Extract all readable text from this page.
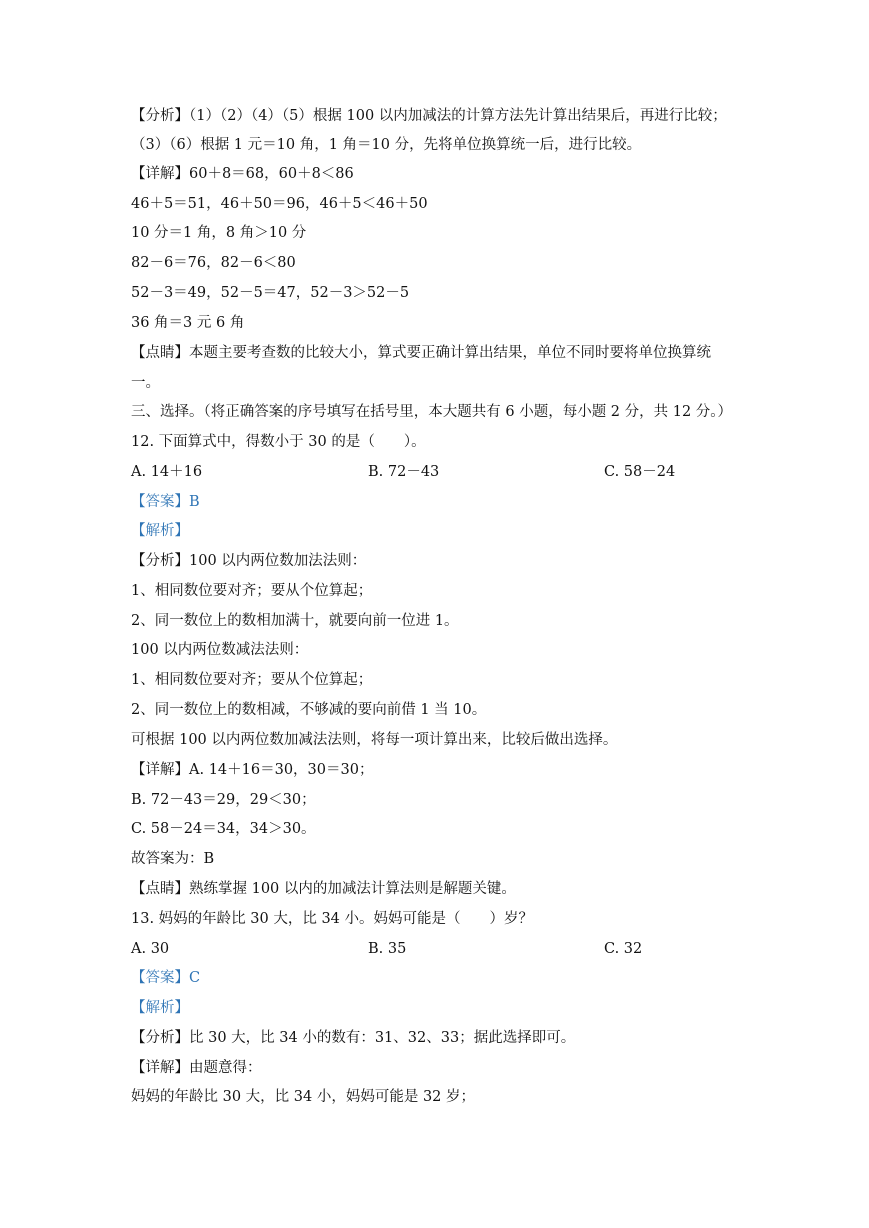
【分析】（1）（2）（4）（5）根据 100 以内加减法的计算方法先计算出结果后，再进行比较；
（3）（6）根据 1 元＝10 角，1 角＝10 分，先将单位换算统一后，进行比较。
【详解】60＋8＝68，60＋8＜86
46＋5＝51，46＋50＝96，46＋5＜46＋50
10 分＝1 角，8 角＞10 分
82－6＝76，82－6＜80
52－3＝49，52－5＝47，52－3＞52－5
36 角＝3 元 6 角
【点睛】本题主要考查数的比较大小，算式要正确计算出结果，单位不同时要将单位换算统
一。
三、选择。（将正确答案的序号填写在括号里，本大题共有 6 小题，每小题 2 分，共 12 分。）
12. 下面算式中，得数小于 30 的是（　　）。
A. 14＋16	B. 72－43	C. 58－24
【答案】B
【解析】
【分析】100 以内两位数加法法则：
1、相同数位要对齐；要从个位算起；
2、同一数位上的数相加满十，就要向前一位进 1。
100 以内两位数减法法则：
1、相同数位要对齐；要从个位算起；
2、同一数位上的数相减，不够减的要向前借 1 当 10。
可根据 100 以内两位数加减法法则，将每一项计算出来，比较后做出选择。
【详解】A. 14＋16＝30，30＝30；
B. 72－43＝29，29＜30；
C. 58－24＝34，34＞30。
故答案为：B
【点睛】熟练掌握 100 以内的加减法计算法则是解题关键。
13. 妈妈的年龄比 30 大，比 34 小。妈妈可能是（　　）岁？
A. 30	B. 35	C. 32
【答案】C
【解析】
【分析】比 30 大，比 34 小的数有：31、32、33；据此选择即可。
【详解】由题意得：
妈妈的年龄比 30 大，比 34 小，妈妈可能是 32 岁；
